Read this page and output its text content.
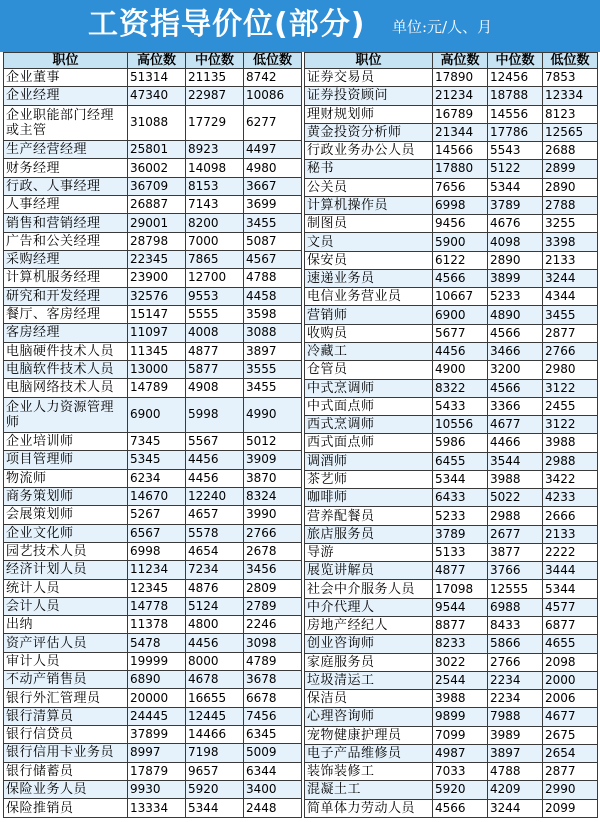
工资指导价位(部分) 单位:元/人、月
职位	高位数	中位数	低位数
企业董事	51314	21135	8742
企业经理	47340	22987	10086
企业职能部门经理或主管	31088	17729	6277
生产经营经理	25801	8923	4497
财务经理	36002	14098	4980
行政、人事经理	36709	8153	3667
人事经理	26887	7143	3699
销售和营销经理	29001	8200	3455
广告和公关经理	28798	7000	5087
采购经理	22345	7865	4567
计算机服务经理	23900	12700	4788
研究和开发经理	32576	9553	4458
餐厅、客房经理	15147	5555	3598
客房经理	11097	4008	3088
电脑硬件技术人员	11345	4877	3897
电脑软件技术人员	13000	5877	3555
电脑网络技术人员	14789	4908	3455
企业人力资源管理师	6900	5998	4990
企业培训师	7345	5567	5012
项目管理师	5345	4456	3909
物流师	6234	4456	3870
商务策划师	14670	12240	8324
会展策划师	5267	4657	3990
企业文化师	6567	5578	2766
园艺技术人员	6998	4654	2678
经济计划人员	11234	7234	3456
统计人员	12345	4876	2809
会计人员	14778	5124	2789
出纳	11378	4800	2246
资产评估人员	5478	4456	3098
审计人员	19999	8000	4789
不动产销售员	6890	4678	3678
银行外汇管理员	20000	16655	6678
银行清算员	24445	12445	7456
银行信贷员	37899	14466	6345
银行信用卡业务员	8997	7198	5009
银行储蓄员	17879	9657	6344
保险业务人员	9930	5920	3400
保险推销员	13334	5344	2448
职位	高位数	中位数	低位数
证券交易员	17890	12456	7853
证券投资顾问	21234	18788	12334
理财规划师	16789	14556	8123
黄金投资分析师	21344	17786	12565
行政业务办公人员	14566	5543	2688
秘书	17880	5122	2899
公关员	7656	5344	2890
计算机操作员	6998	3789	2788
制图员	9456	4676	3255
文员	5900	4098	3398
保安员	6122	2890	2133
速递业务员	4566	3899	3244
电信业务营业员	10667	5233	4344
营销师	6900	4890	3455
收购员	5677	4566	2877
冷藏工	4456	3466	2766
仓管员	4900	3200	2980
中式烹调师	8322	4566	3122
中式面点师	5433	3366	2455
西式烹调师	10556	4677	3122
西式面点师	5986	4466	3988
调酒师	6455	3544	2988
茶艺师	5344	3988	3422
咖啡师	6433	5022	4233
营养配餐员	5233	2988	2666
旅店服务员	3789	2677	2133
导游	5133	3877	2222
展览讲解员	4877	3766	3444
社会中介服务人员	17098	12555	5344
中介代理人	9544	6988	4577
房地产经纪人	8877	8433	6877
创业咨询师	8233	5866	4655
家庭服务员	3022	2766	2098
垃圾清运工	2544	2234	2000
保洁员	3988	2234	2006
心理咨询师	9899	7988	4677
宠物健康护理员	7099	3989	2675
电子产品维修员	4987	3897	2654
装饰装修工	7033	4788	2877
混凝土工	5920	4209	2990
简单体力劳动人员	4566	3244	2099
